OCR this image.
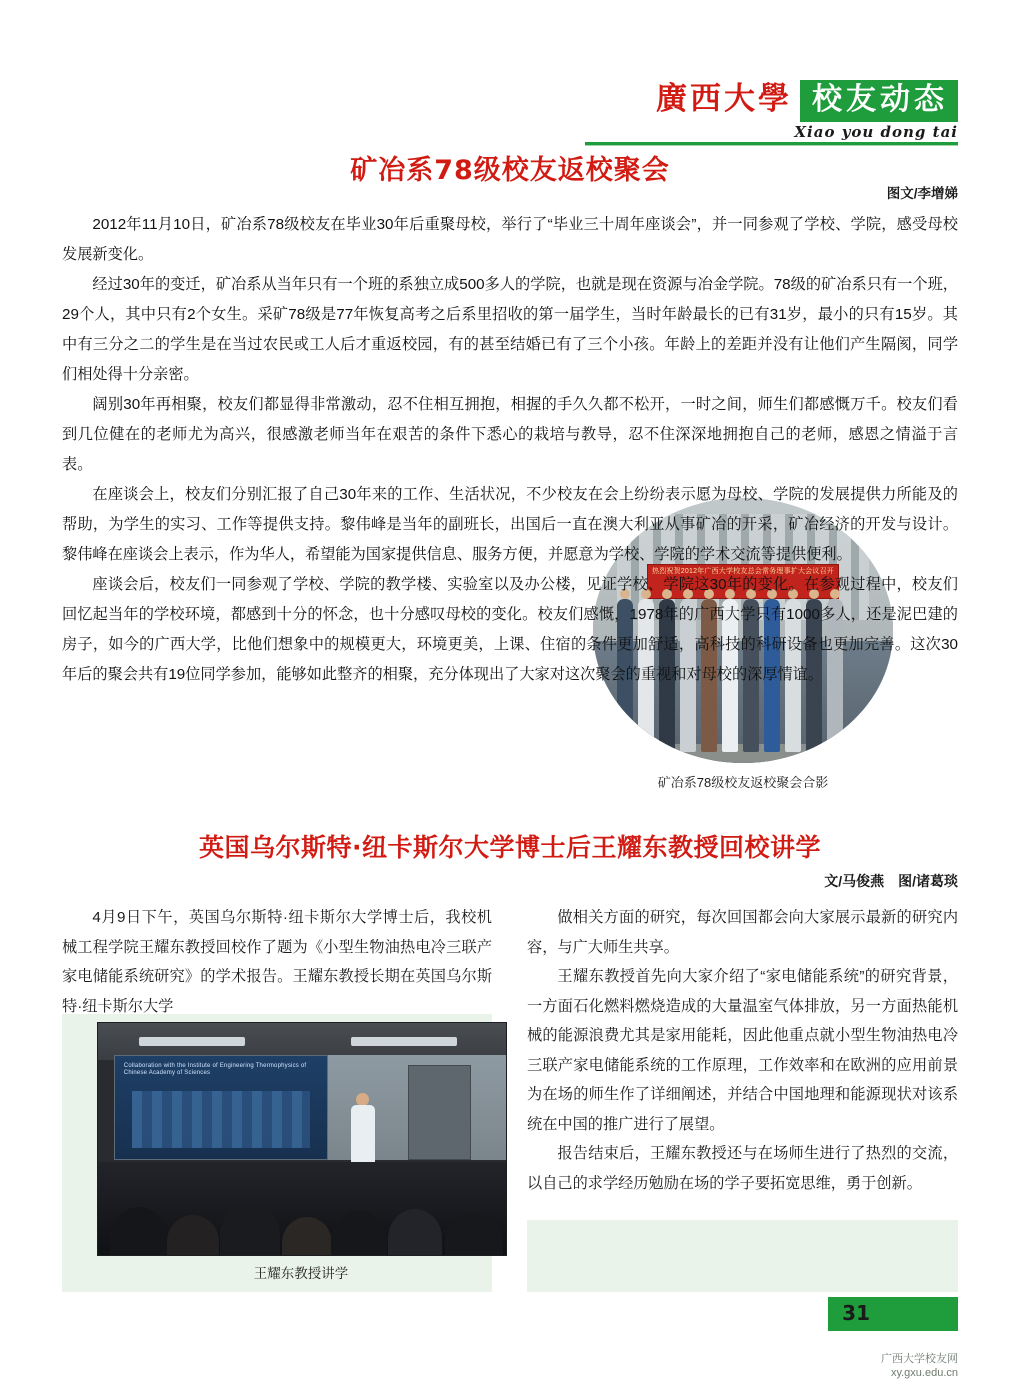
廣西大學 校友动态
Xiao you dong tai
矿冶系78级校友返校聚会
图文/李增娣
热烈祝贺2012年广西大学校友总会常务理事扩大会议召开

2012年11月10日，矿冶系78级校友在毕业30年后重聚母校，举行了“毕业三十周年座谈会”，并一同参观了学校、学院，感受母校发展新变化。

经过30年的变迁，矿冶系从当年只有一个班的系独立成500多人的学院，也就是现在资源与冶金学院。78级的矿冶系只有一个班，29个人，其中只有2个女生。采矿78级是77年恢复高考之后系里招收的第一届学生，当时年龄最长的已有31岁，最小的只有15岁。其中有三分之二的学生是在当过农民或工人后才重返校园，有的甚至结婚已有了三个小孩。年龄上的差距并没有让他们产生隔阂，同学们相处得十分亲密。

阔别30年再相聚，校友们都显得非常激动，忍不住相互拥抱，相握的手久久都不松开，一时之间，师生们都感慨万千。校友们看到几位健在的老师尤为高兴，很感激老师当年在艰苦的条件下悉心的栽培与教导，忍不住深深地拥抱自己的老师，感恩之情溢于言表。

在座谈会上，校友们分别汇报了自己30年来的工作、生活状况，不少校友在会上纷纷表示愿为母校、学院的发展提供力所能及的帮助，为学生的实习、工作等提供支持。黎伟峰是当年的副班长，出国后一直在澳大利亚从事矿冶的开采，矿冶经济的开发与设计。黎伟峰在座谈会上表示，作为华人，希望能为国家提供信息、服务方便，并愿意为学校、学院的学术交流等提供便利。

座谈会后，校友们一同参观了学校、学院的教学楼、实验室以及办公楼，见证学校、学院这30年的变化。在参观过程中，校友们回忆起当年的学校环境，都感到十分的怀念，也十分感叹母校的变化。校友们感慨，1978年的广西大学只有1000多人，还是泥巴建的房子，如今的广西大学，比他们想象中的规模更大，环境更美，上课、住宿的条件更加舒适，高科技的科研设备也更加完善。这次30年后的聚会共有19位同学参加，能够如此整齐的相聚，充分体现出了大家对这次聚会的重视和对母校的深厚情谊。

矿冶系78级校友返校聚会合影
英国乌尔斯特·纽卡斯尔大学博士后王耀东教授回校讲学
文/马俊燕　图/诸葛琰

4月9日下午，英国乌尔斯特·纽卡斯尔大学博士后，我校机械工程学院王耀东教授回校作了题为《小型生物油热电冷三联产家电储能系统研究》的学术报告。王耀东教授长期在英国乌尔斯特·纽卡斯尔大学

做相关方面的研究，每次回国都会向大家展示最新的研究内容，与广大师生共享。

王耀东教授首先向大家介绍了“家电储能系统”的研究背景，一方面石化燃料燃烧造成的大量温室气体排放，另一方面热能机械的能源浪费尤其是家用能耗，因此他重点就小型生物油热电冷三联产家电储能系统的工作原理，工作效率和在欧洲的应用前景为在场的师生作了详细阐述，并结合中国地理和能源现状对该系统在中国的推广进行了展望。

报告结束后，王耀东教授还与在场师生进行了热烈的交流，以自己的求学经历勉励在场的学子要拓宽思维，勇于创新。

Collaboration with the Institute of Engineering Thermophysics of Chinese Academy of Sciences
王耀东教授讲学
31
广西大学校友网
xy.gxu.edu.cn
